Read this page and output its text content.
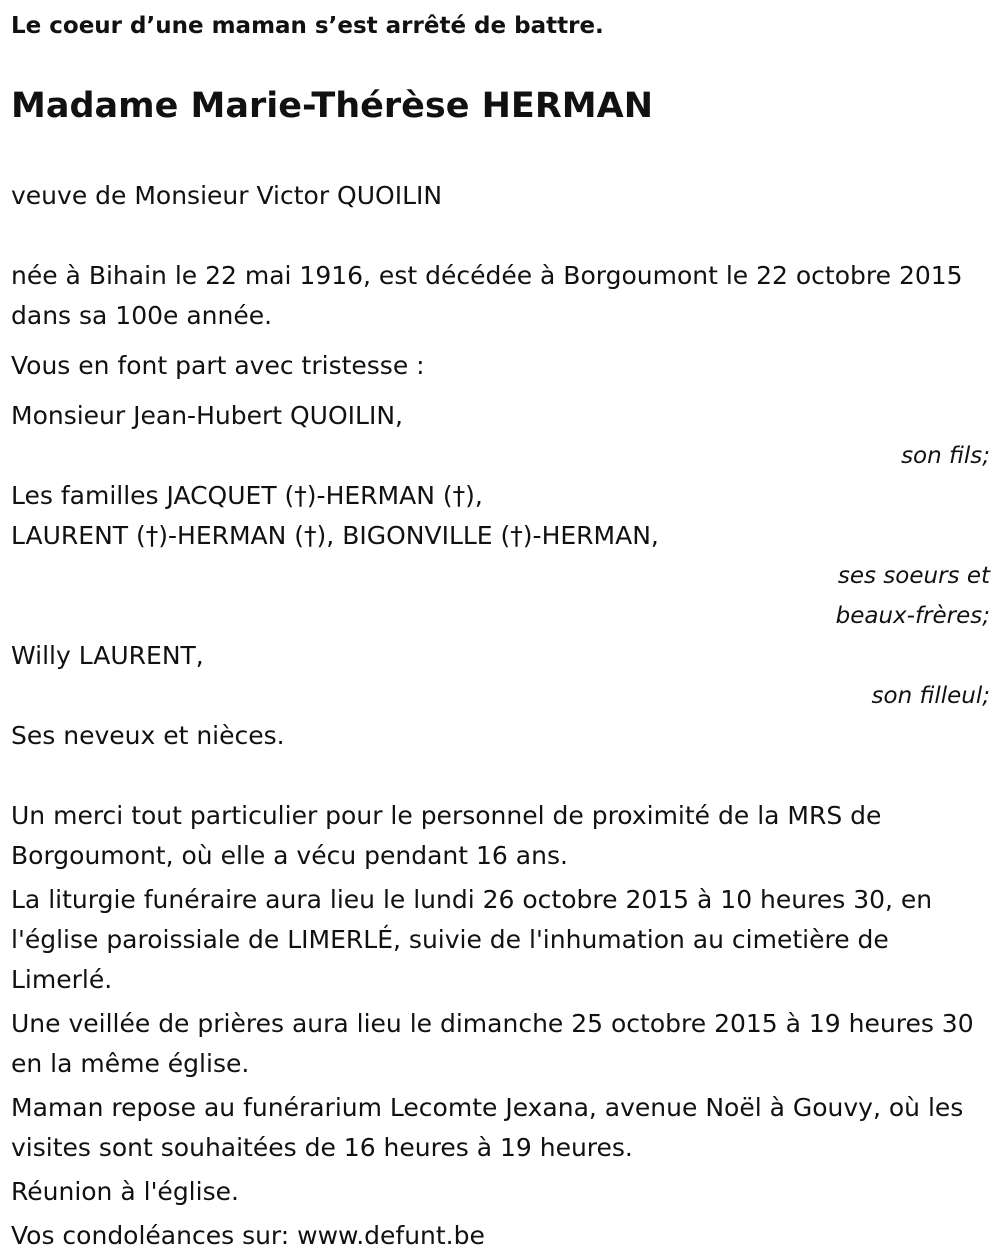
Le coeur d’une maman s’est arrêté de battre.

Madame Marie-Thérèse HERMAN

veuve de Monsieur Victor QUOILIN

née à Bihain le 22 mai 1916, est décédée à Borgoumont le 22 octobre 2015 dans sa 100e année.

Vous en font part avec tristesse :

Monsieur Jean-Hubert QUOILIN,

son fils;

Les familles JACQUET (†)-HERMAN (†),

LAURENT (†)-HERMAN (†), BIGONVILLE (†)-HERMAN,

ses soeurs et

beaux-frères;

Willy LAURENT,

son filleul;

Ses neveux et nièces.

Un merci tout particulier pour le personnel de proximité de la MRS de Borgoumont, où elle a vécu pendant 16 ans.

La liturgie funéraire aura lieu le lundi 26 octobre 2015 à 10 heures 30, en l'église paroissiale de LIMERLÉ, suivie de l'inhumation au cimetière de Limerlé.

Une veillée de prières aura lieu le dimanche 25 octobre 2015 à 19 heures 30 en la même église.

Maman repose au funérarium Lecomte Jexana, avenue Noël à Gouvy, où les visites sont souhaitées de 16 heures à 19 heures.

Réunion à l'église.

Vos condoléances sur: www.defunt.be
